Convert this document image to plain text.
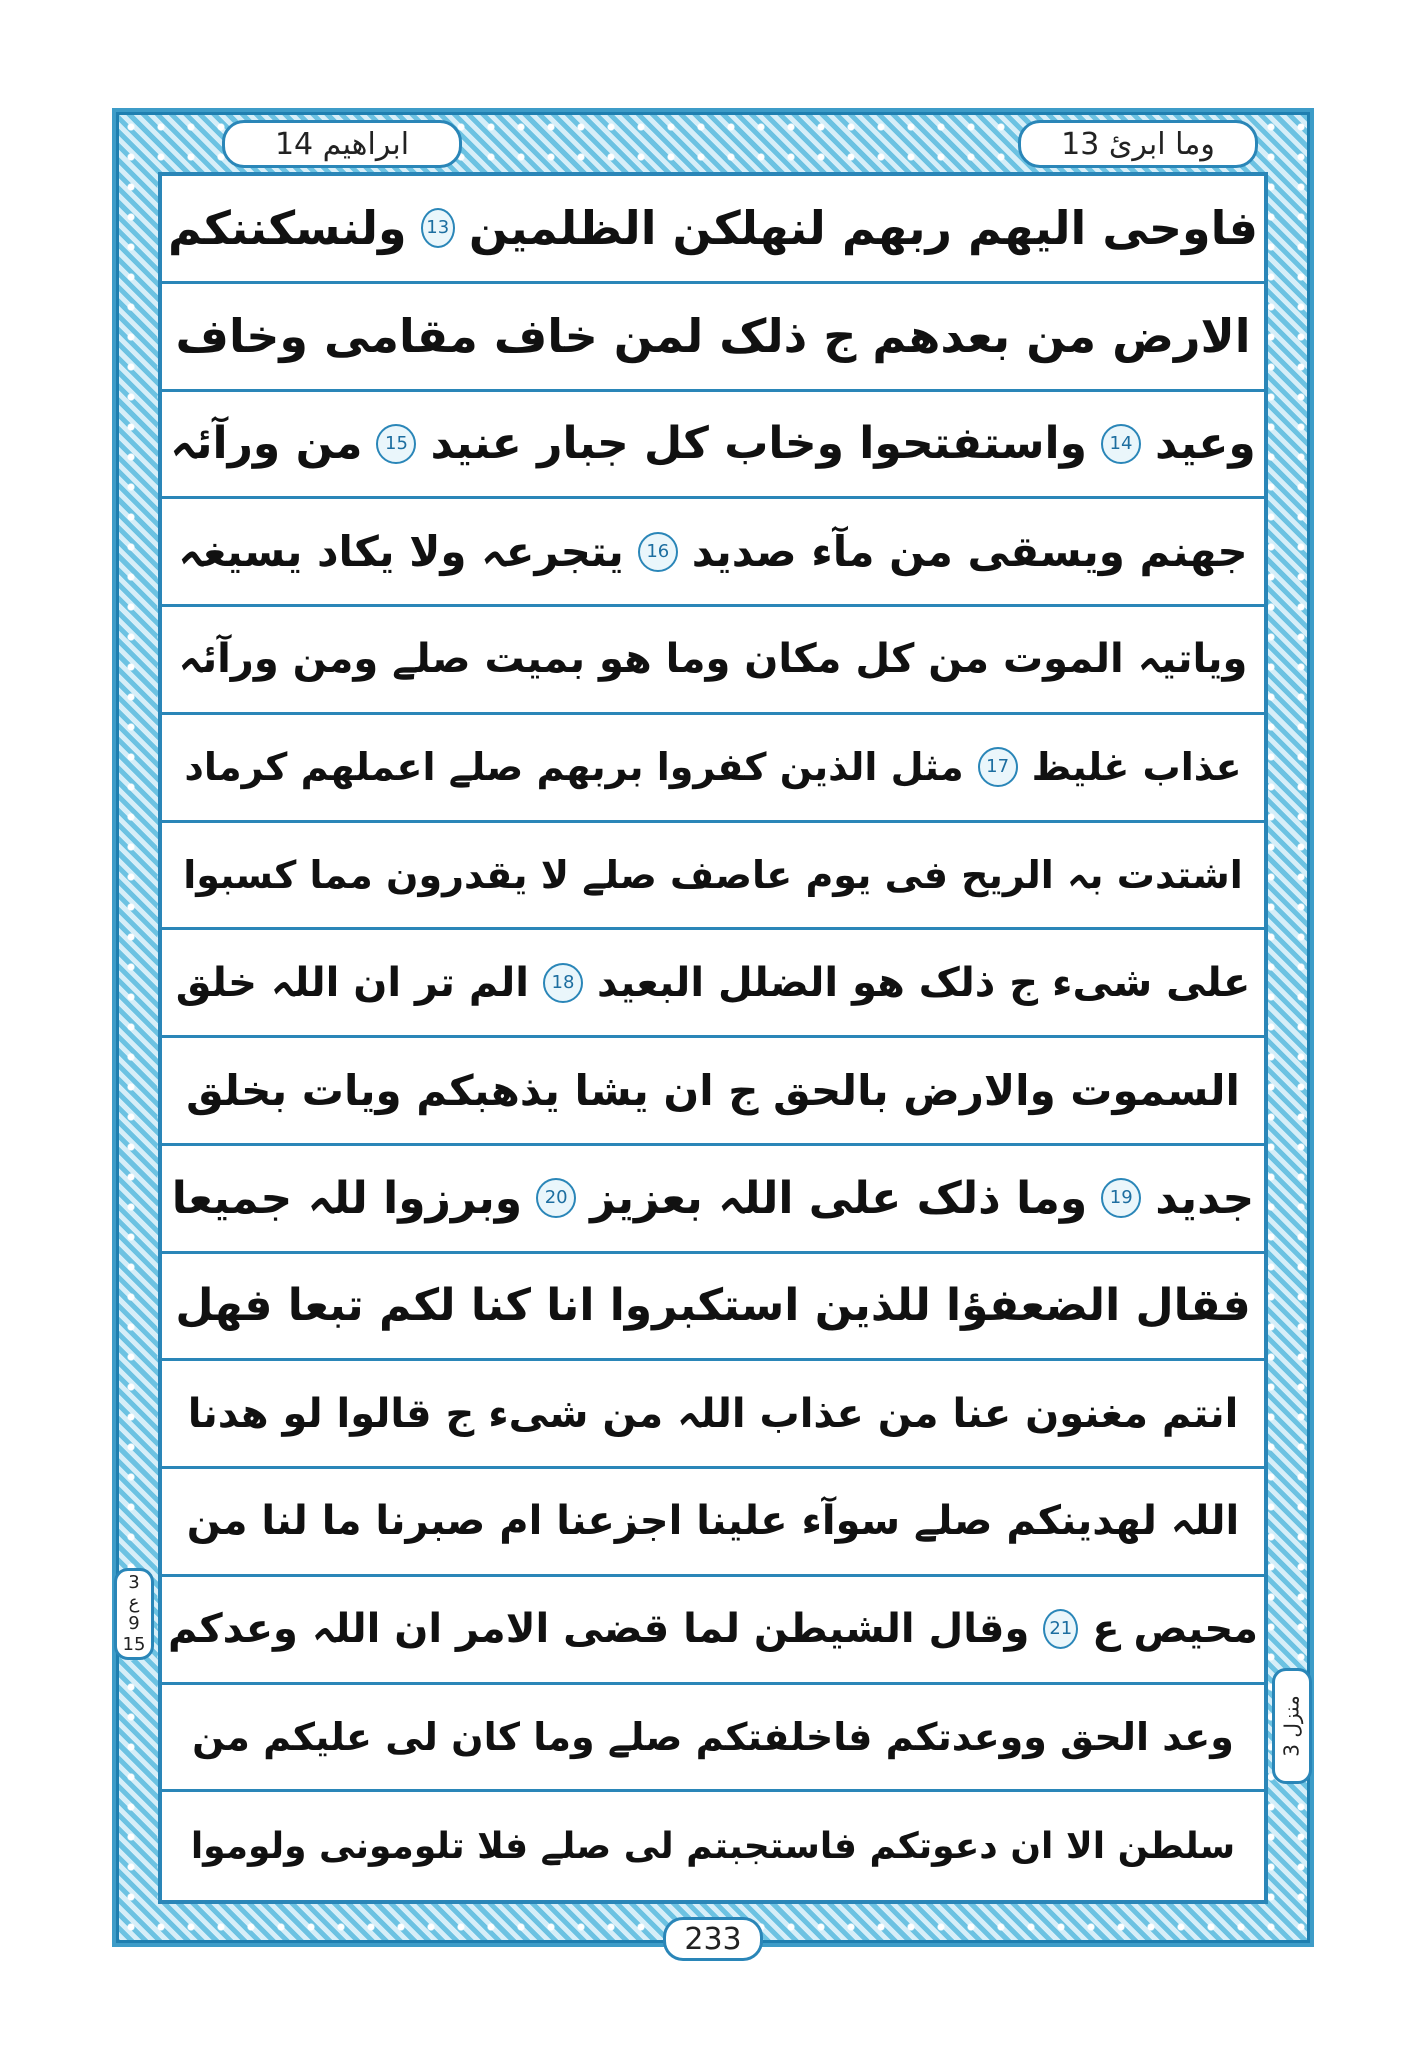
ابراھیم 14	وما ابرئ 13
فاوحی الیھم ربھم لنھلکن الظلمین
13
ولنسکننکم
الارض من بعدھم ج ذلک لمن خاف مقامی وخاف
وعید
14
واستفتحوا وخاب کل جبار عنید
15
من ورآئہ
جھنم ویسقی من مآء صدید
16
یتجرعہ ولا یکاد یسیغہ
ویاتیہ الموت من کل مکان وما ھو بمیت صلے ومن ورآئہ
عذاب غلیظ
17
مثل الذین کفروا بربھم صلے اعملھم کرماد
اشتدت بہ الریح فی یوم عاصف صلے لا یقدرون مما کسبوا
علی شیء ج ذلک ھو الضلل البعید
18
الم تر ان اللہ خلق
السموت والارض بالحق ج ان یشا یذھبکم ویات بخلق
جدید
19
وما ذلک علی اللہ بعزیز
20
وبرزوا للہ جمیعا
فقال الضعفؤا للذین استکبروا انا کنا لکم تبعا فھل
انتم مغنون عنا من عذاب اللہ من شیء ج قالوا لو ھدنا
اللہ لھدینکم صلے سوآء علینا اجزعنا ام صبرنا ما لنا من
محیص ع
21
وقال الشیطن لما قضی الامر ان اللہ وعدکم
وعد الحق ووعدتکم فاخلفتکم صلے وما کان لی علیکم من
سلطن الا ان دعوتکم فاستجبتم لی صلے فلا تلومونی ولوموا
3
ع
9
15
منزل 3
233
